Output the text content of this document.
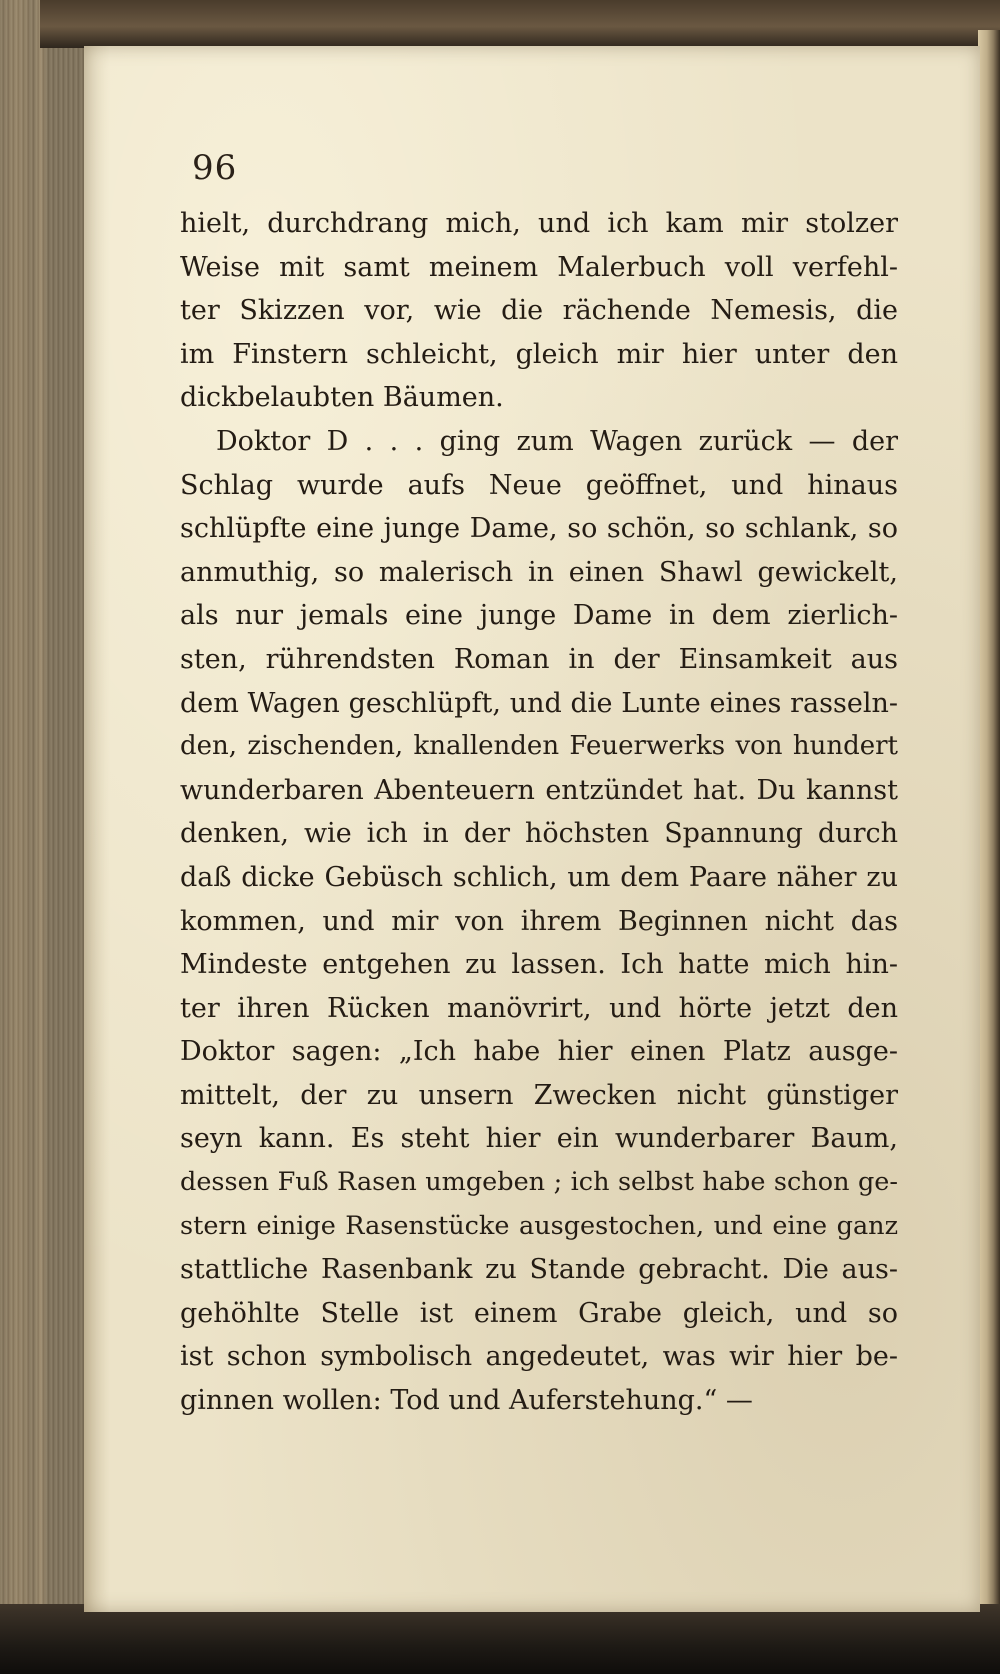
96

hielt, durchdrang mich, und ich kam mir stolzer
Weise mit samt meinem Malerbuch voll verfehl-
ter Skizzen vor, wie die rächende Nemesis, die
im Finstern schleicht, gleich mir hier unter den
dickbelaubten Bäumen.
Doktor D . . . ging zum Wagen zurück — der
Schlag wurde aufs Neue geöffnet, und hinaus
schlüpfte eine junge Dame, so schön, so schlank, so
anmuthig, so malerisch in einen Shawl gewickelt,
als nur jemals eine junge Dame in dem zierlich-
sten, rührendsten Roman in der Einsamkeit aus
dem Wagen geschlüpft, und die Lunte eines rasseln-
den, zischenden, knallenden Feuerwerks von hundert
wunderbaren Abenteuern entzündet hat. Du kannst
denken, wie ich in der höchsten Spannung durch
daß dicke Gebüsch schlich, um dem Paare näher zu
kommen, und mir von ihrem Beginnen nicht das
Mindeste entgehen zu lassen. Ich hatte mich hin-
ter ihren Rücken manövrirt, und hörte jetzt den
Doktor sagen: „Ich habe hier einen Platz ausge-
mittelt, der zu unsern Zwecken nicht günstiger
seyn kann. Es steht hier ein wunderbarer Baum,
dessen Fuß Rasen umgeben ; ich selbst habe schon ge-
stern einige Rasenstücke ausgestochen, und eine ganz
stattliche Rasenbank zu Stande gebracht. Die aus-
gehöhlte Stelle ist einem Grabe gleich, und so
ist schon symbolisch angedeutet, was wir hier be-
ginnen wollen: Tod und Auferstehung.“ —
